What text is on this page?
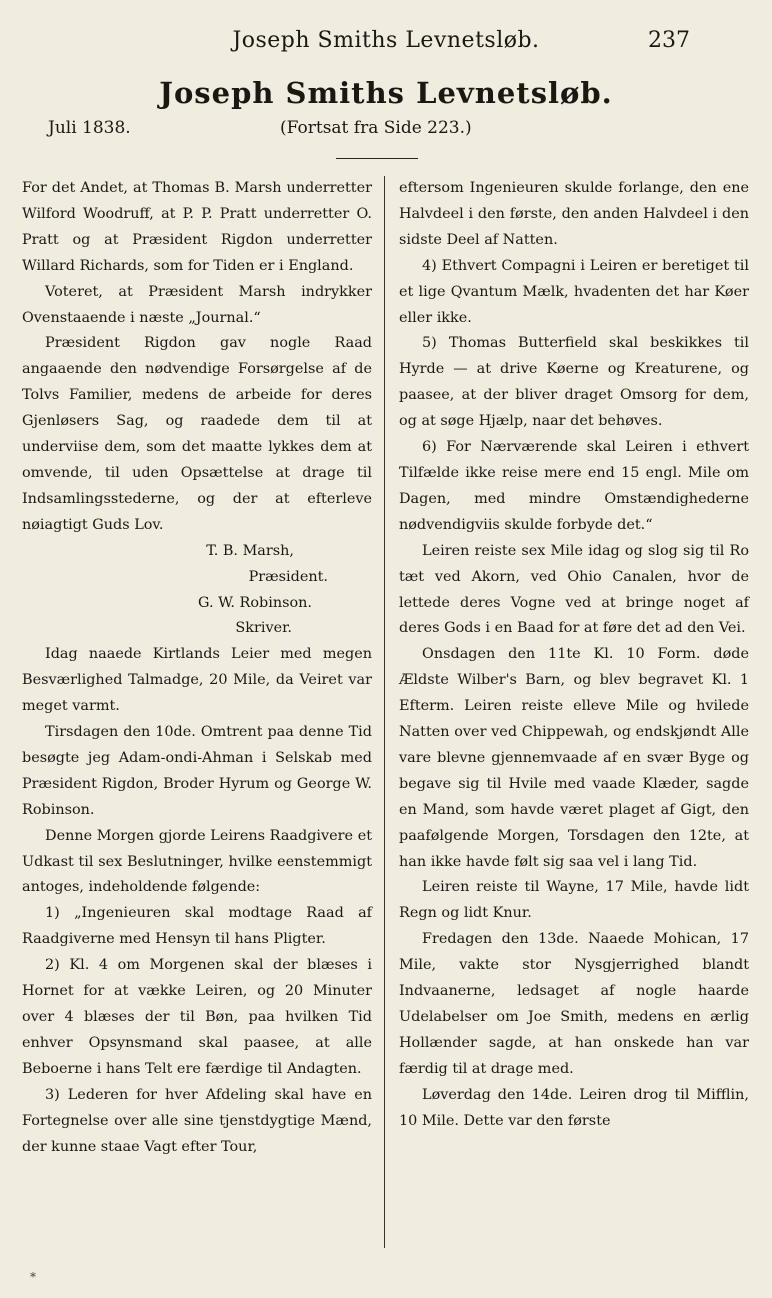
Joseph Smiths Levnetsløb.	237
Joseph Smiths Levnetsløb.
Juli 1838.	(Fortsat fra Side 223.)

For det Andet, at Thomas B. Marsh underretter Wilford Woodruff, at P. P. Pratt underretter O. Pratt og at Præsident Rigdon underretter Willard Richards, som for Tiden er i England.

Voteret, at Præsident Marsh indrykker Ovenstaaende i næste „Journal.“

Præsident Rigdon gav nogle Raad angaaende den nødvendige Forsørgelse af de Tolvs Familier, medens de arbeide for deres Gjenløsers Sag, og raadede dem til at underviise dem, som det maatte lykkes dem at omvende, til uden Opsættelse at drage til Indsamlingsstederne, og der at efterleve nøiagtigt Guds Lov.

T. B. Marsh,

Præsident.

G. W. Robinson.

Skriver.

Idag naaede Kirtlands Leier med megen Besværlighed Talmadge, 20 Mile, da Veiret var meget varmt.

Tirsdagen den 10de. Omtrent paa denne Tid besøgte jeg Adam-ondi-Ahman i Selskab med Præsident Rigdon, Broder Hyrum og George W. Robinson.

Denne Morgen gjorde Leirens Raadgivere et Udkast til sex Beslutninger, hvilke eenstemmigt antoges, indeholdende følgende:

1) „Ingenieuren skal modtage Raad af Raadgiverne med Hensyn til hans Pligter.

2) Kl. 4 om Morgenen skal der blæses i Hornet for at vække Leiren, og 20 Minuter over 4 blæses der til Bøn, paa hvilken Tid enhver Opsynsmand skal paasee, at alle Beboerne i hans Telt ere færdige til Andagten.

3) Lederen for hver Afdeling skal have en Fortegnelse over alle sine tjenstdygtige Mænd, der kunne staae Vagt efter Tour,

eftersom Ingenieuren skulde forlange, den ene Halvdeel i den første, den anden Halvdeel i den sidste Deel af Natten.

4) Ethvert Compagni i Leiren er beretiget til et lige Qvantum Mælk, hvadenten det har Køer eller ikke.

5) Thomas Butterfield skal beskikkes til Hyrde — at drive Køerne og Kreaturene, og paasee, at der bliver draget Omsorg for dem, og at søge Hjælp, naar det behøves.

6) For Nærværende skal Leiren i ethvert Tilfælde ikke reise mere end 15 engl. Mile om Dagen, med mindre Omstændighederne nødvendigviis skulde forbyde det.“

Leiren reiste sex Mile idag og slog sig til Ro tæt ved Akorn, ved Ohio Canalen, hvor de lettede deres Vogne ved at bringe noget af deres Gods i en Baad for at føre det ad den Vei.

Onsdagen den 11te Kl. 10 Form. døde Ældste Wilber's Barn, og blev begravet Kl. 1 Efterm. Leiren reiste ellevе Mile og hvilede Natten over ved Chippewah, og endskjøndt Alle vare blevne gjennemvaade af en svær Byge og begave sig til Hvile med vaade Klæder, sagde en Mand, som havde været plaget af Gigt, den paafølgende Morgen, Torsdagen den 12te, at han ikke havde følt sig saa vel i lang Tid.

Leiren reiste til Wayne, 17 Mile, havde lidt Regn og lidt Knur.

Fredagen den 13de. Naaede Mohican, 17 Mile, vakte stor Nysgjerrighed blandt Indvaanerne, ledsaget af nogle haarde Udelabelser om Joe Smith, medens en ærlig Hollænder sagde, at han onskede han var færdig til at drage med.

Løverdag den 14de. Leiren drog til Mifflin, 10 Mile. Dette var den første

*
